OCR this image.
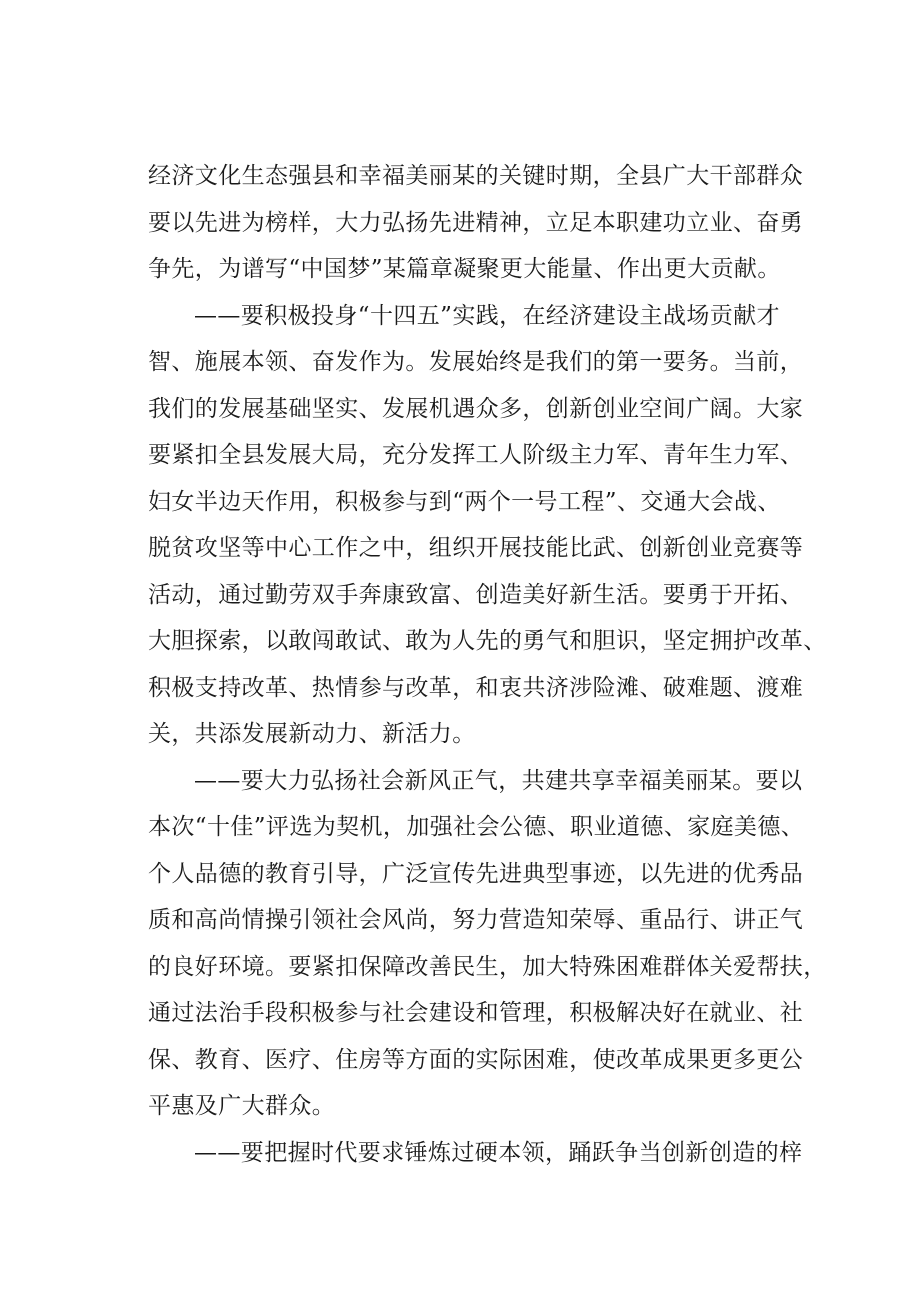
经济文化生态强县和幸福美丽某的关键时期，全县广大干部群众
要以先进为榜样，大力弘扬先进精神，立足本职建功立业、奋勇
争先，为谱写“中国梦”某篇章凝聚更大能量、作出更大贡献。
——要积极投身“十四五”实践，在经济建设主战场贡献才
智、施展本领、奋发作为。发展始终是我们的第一要务。当前，
我们的发展基础坚实、发展机遇众多，创新创业空间广阔。大家
要紧扣全县发展大局，充分发挥工人阶级主力军、青年生力军、
妇女半边天作用，积极参与到“两个一号工程”、交通大会战、
脱贫攻坚等中心工作之中，组织开展技能比武、创新创业竞赛等
活动，通过勤劳双手奔康致富、创造美好新生活。要勇于开拓、
大胆探索，以敢闯敢试、敢为人先的勇气和胆识，坚定拥护改革、
积极支持改革、热情参与改革，和衷共济涉险滩、破难题、渡难
关，共添发展新动力、新活力。
——要大力弘扬社会新风正气，共建共享幸福美丽某。要以
本次“十佳”评选为契机，加强社会公德、职业道德、家庭美德、
个人品德的教育引导，广泛宣传先进典型事迹，以先进的优秀品
质和高尚情操引领社会风尚，努力营造知荣辱、重品行、讲正气
的良好环境。要紧扣保障改善民生，加大特殊困难群体关爱帮扶，
通过法治手段积极参与社会建设和管理，积极解决好在就业、社
保、教育、医疗、住房等方面的实际困难，使改革成果更多更公
平惠及广大群众。
——要把握时代要求锤炼过硬本领，踊跃争当创新创造的梓
